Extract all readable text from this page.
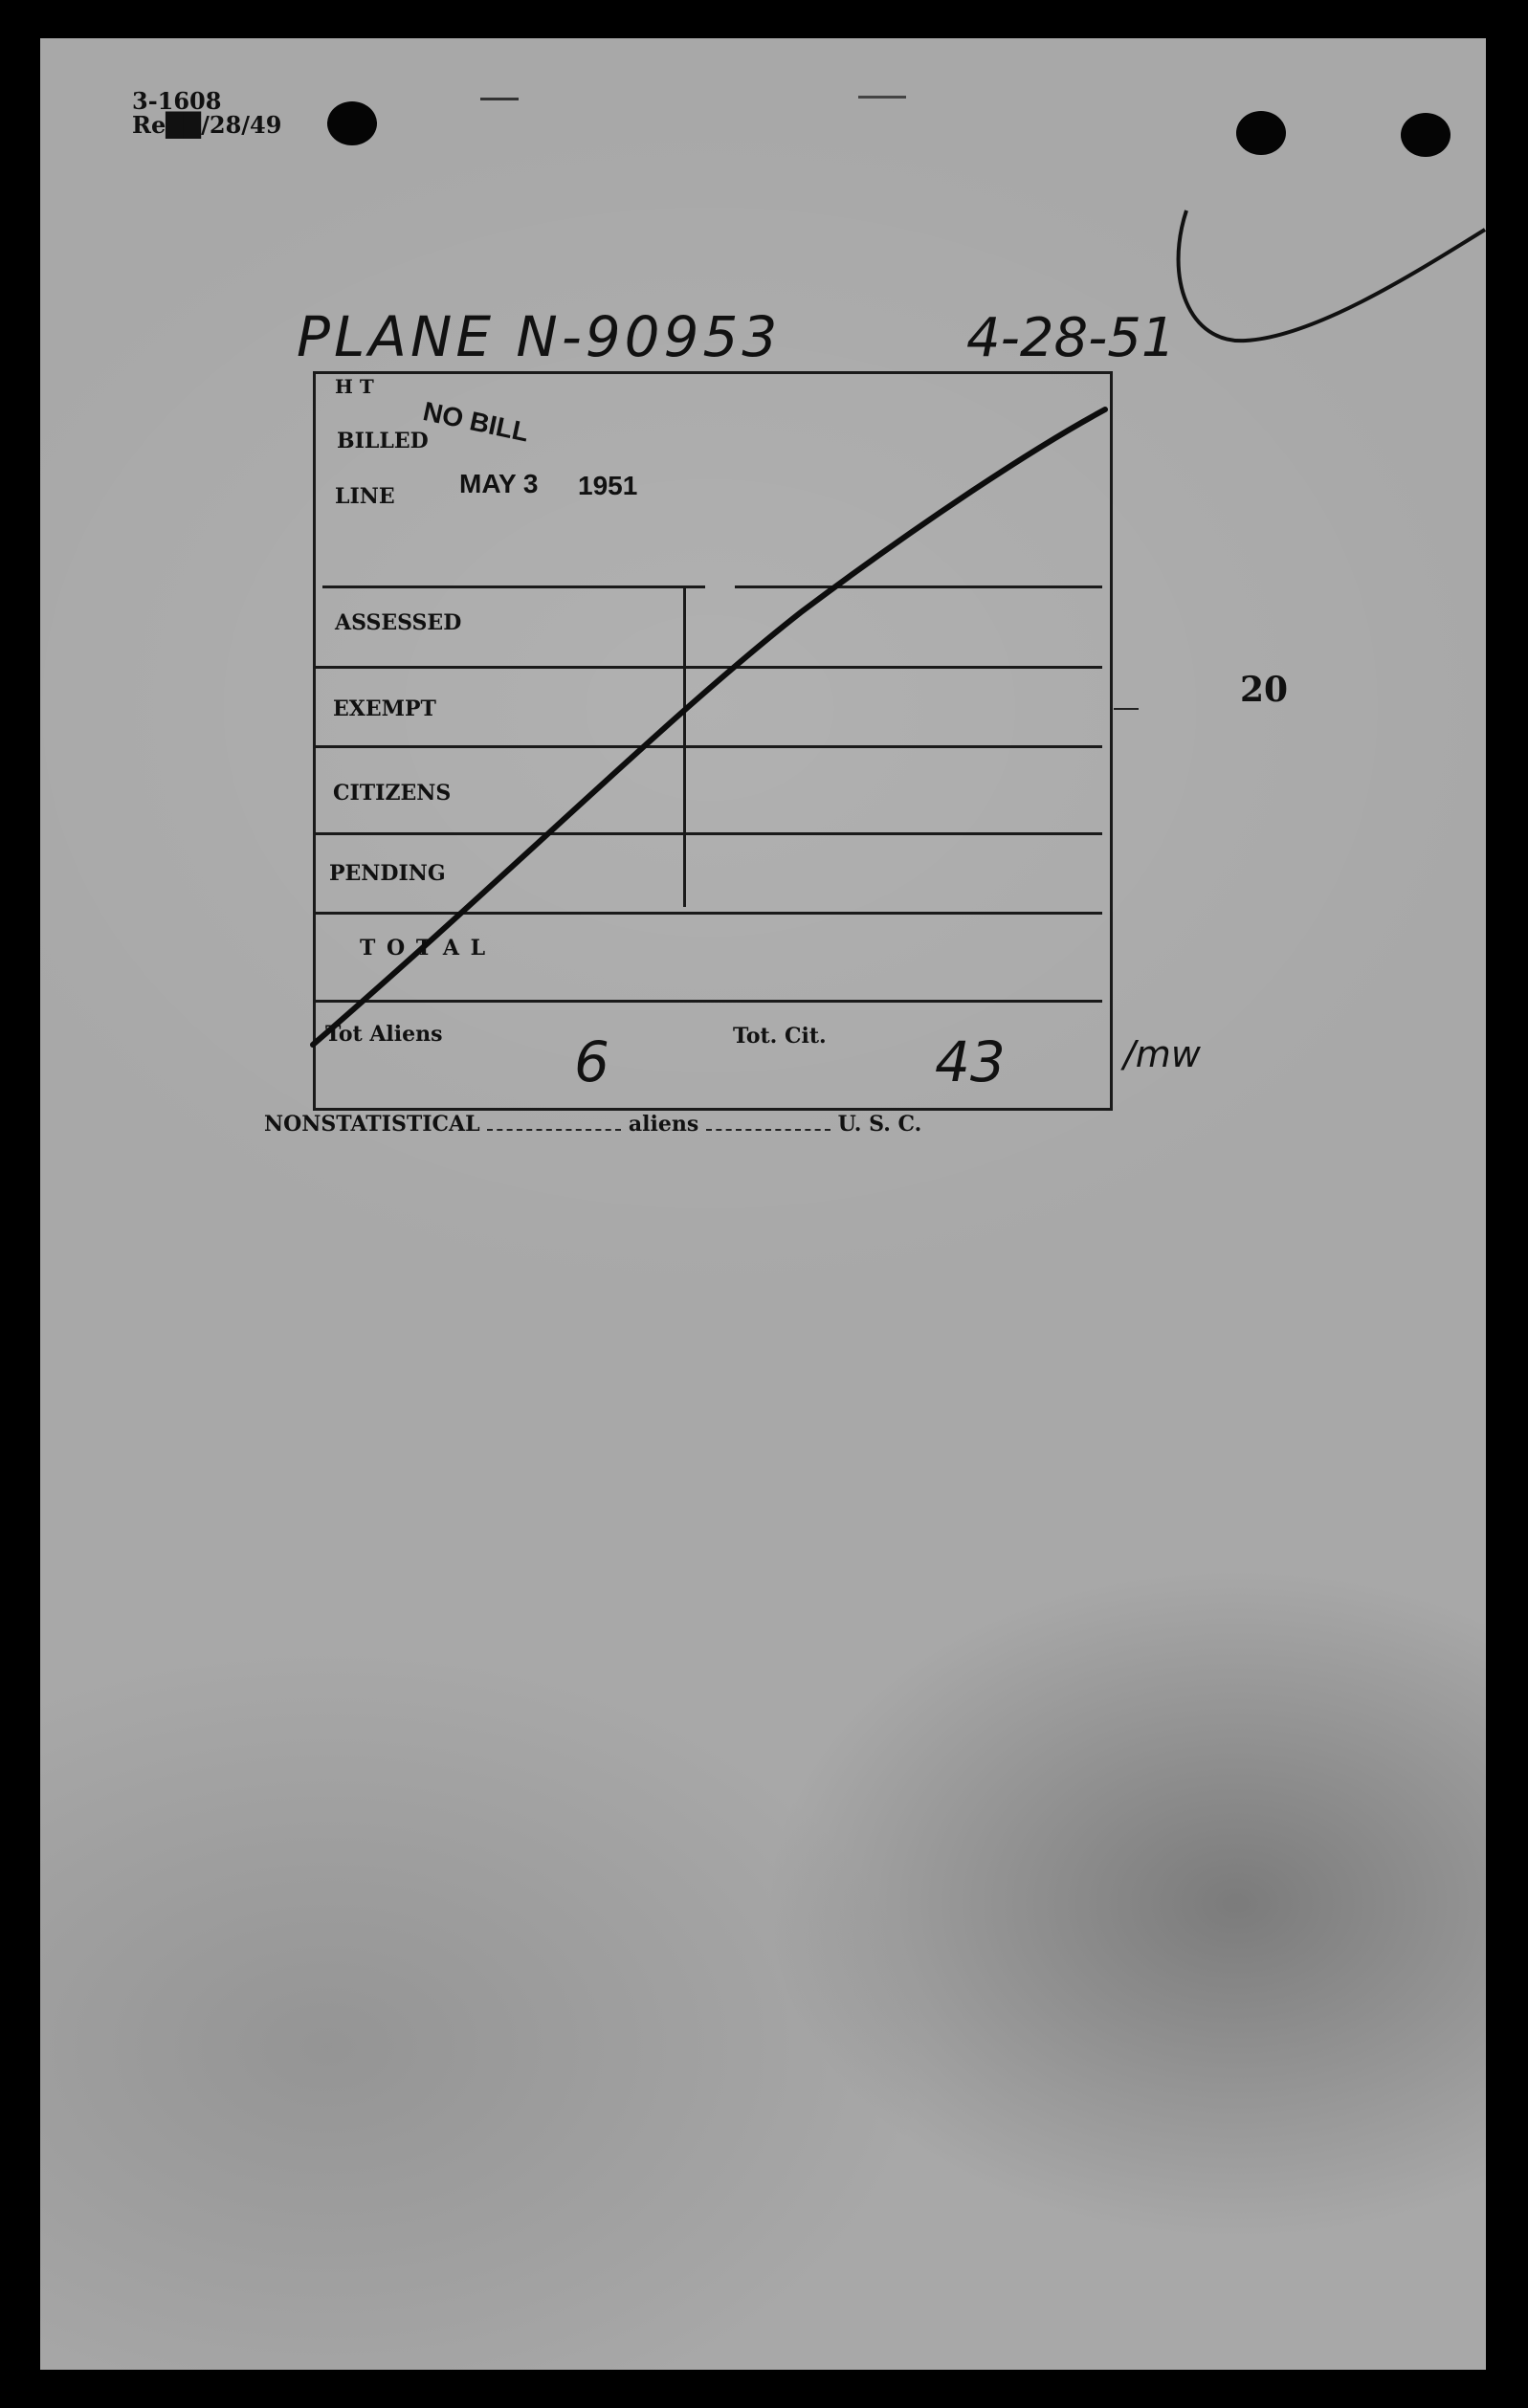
3-1608
Re██/28/49
PLANE N-90953	4-28-51
H T
BILLED
LINE
ASSESSED
EXEMPT
CITIZENS
PENDING
T O T A L
Tot Aliens	Tot. Cit.
NO BILL
MAY 3 1951
6	43
20
/mw
NONSTATISTICAL	aliens	U. S. C.
